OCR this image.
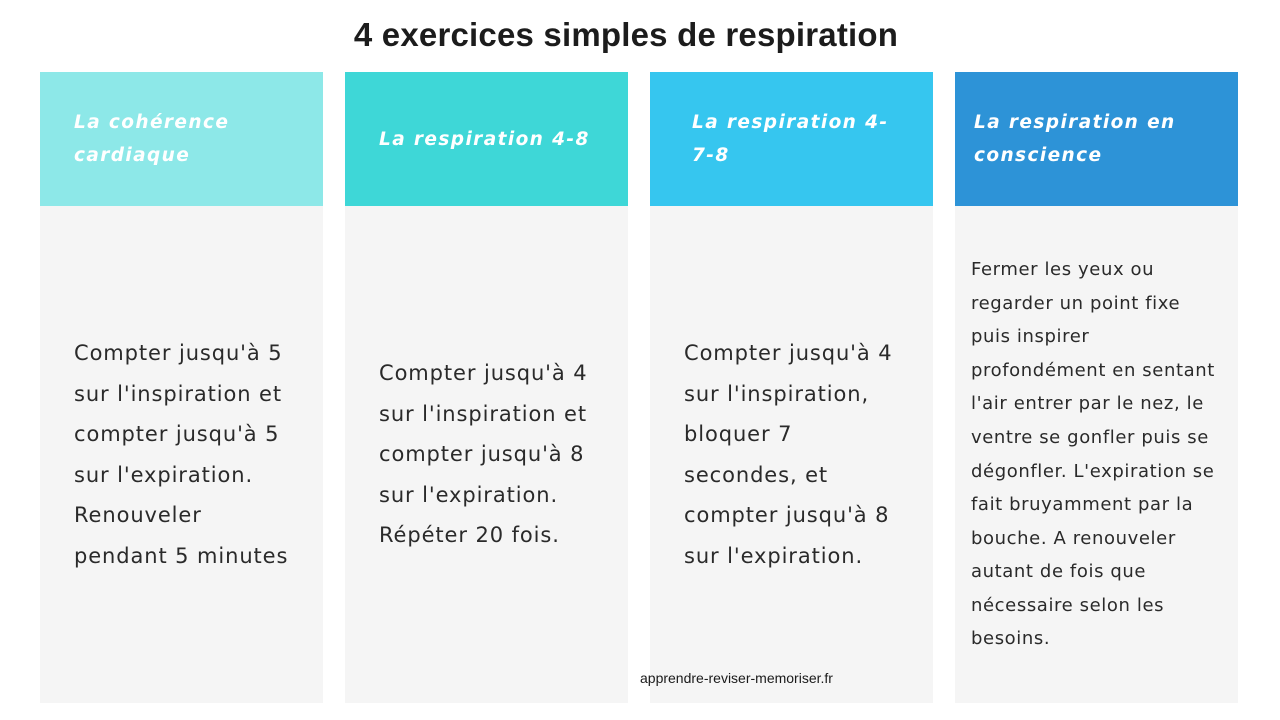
4 exercices simples de respiration
La cohérence cardiaque
Compter jusqu'à 5 sur l'inspiration et compter jusqu'à 5 sur l'expiration. Renouveler pendant 5 minutes
La respiration 4-8
Compter jusqu'à 4 sur l'inspiration et compter jusqu'à 8 sur l'expiration. Répéter 20 fois.
La respiration 4-7-8
Compter jusqu'à 4 sur l'inspiration, bloquer 7 secondes, et compter jusqu'à 8 sur l'expiration.
La respiration en conscience
Fermer les yeux ou regarder un point fixe puis inspirer profondément en sentant l'air entrer par le nez, le ventre se gonfler puis se dégonfler. L'expiration se fait bruyamment par la bouche. A renouveler autant de fois que nécessaire selon les besoins.
apprendre-reviser-memoriser.fr
